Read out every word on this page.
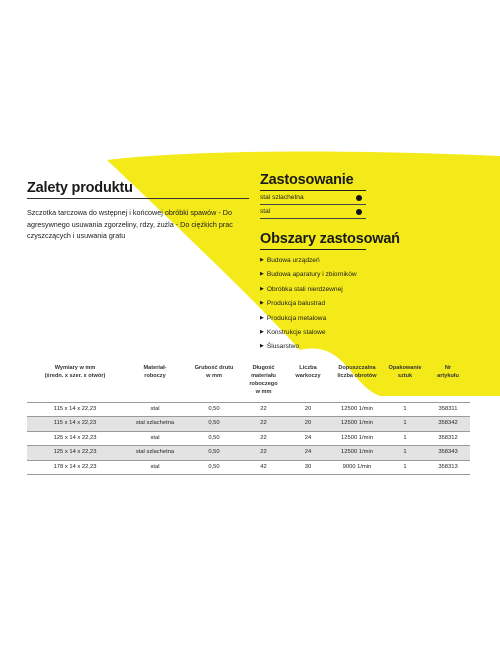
Zalety produktu
Szczotka tarczowa do wstępnej i końcowej obróbki spawów - Do agresywnego usuwania zgorzeliny, rdzy, żużla - Do ciężkich prac czyszczących i usuwania gratu
Zastosowanie
stal szlachetna
stal
Obszary zastosowań
▶ Budowa urządzeń
▶ Budowa aparatury i zbiorników
▶ Obróbka stali nierdzewnej
▶ Produkcja balustrad
▶ Produkcja metalowa
▶ Konstrukcje stalowe
▶ Ślusarstwo
Wymiary w mm
(średn. x szer. x otwór)	Materiał-
roboczy	Grubość drutu
w mm	Długość
materiału
roboczego
w mm	Liczba
warkoczy	Dopuszczalna
liczba obrotów	Opakowanie
sztuk	Nr
artykułu
115 x 14 x 22,23	stal	0,50	22	20	12500 1/min	1	358311
115 x 14 x 22,23	stal szlachetna	0,50	22	20	12500 1/min	1	358342
125 x 14 x 22,23	stal	0,50	22	24	12500 1/min	1	358312
125 x 14 x 22,23	stal szlachetna	0,50	22	24	12500 1/min	1	358343
178 x 14 x 22,23	stal	0,50	42	30	9000 1/min	1	358313
